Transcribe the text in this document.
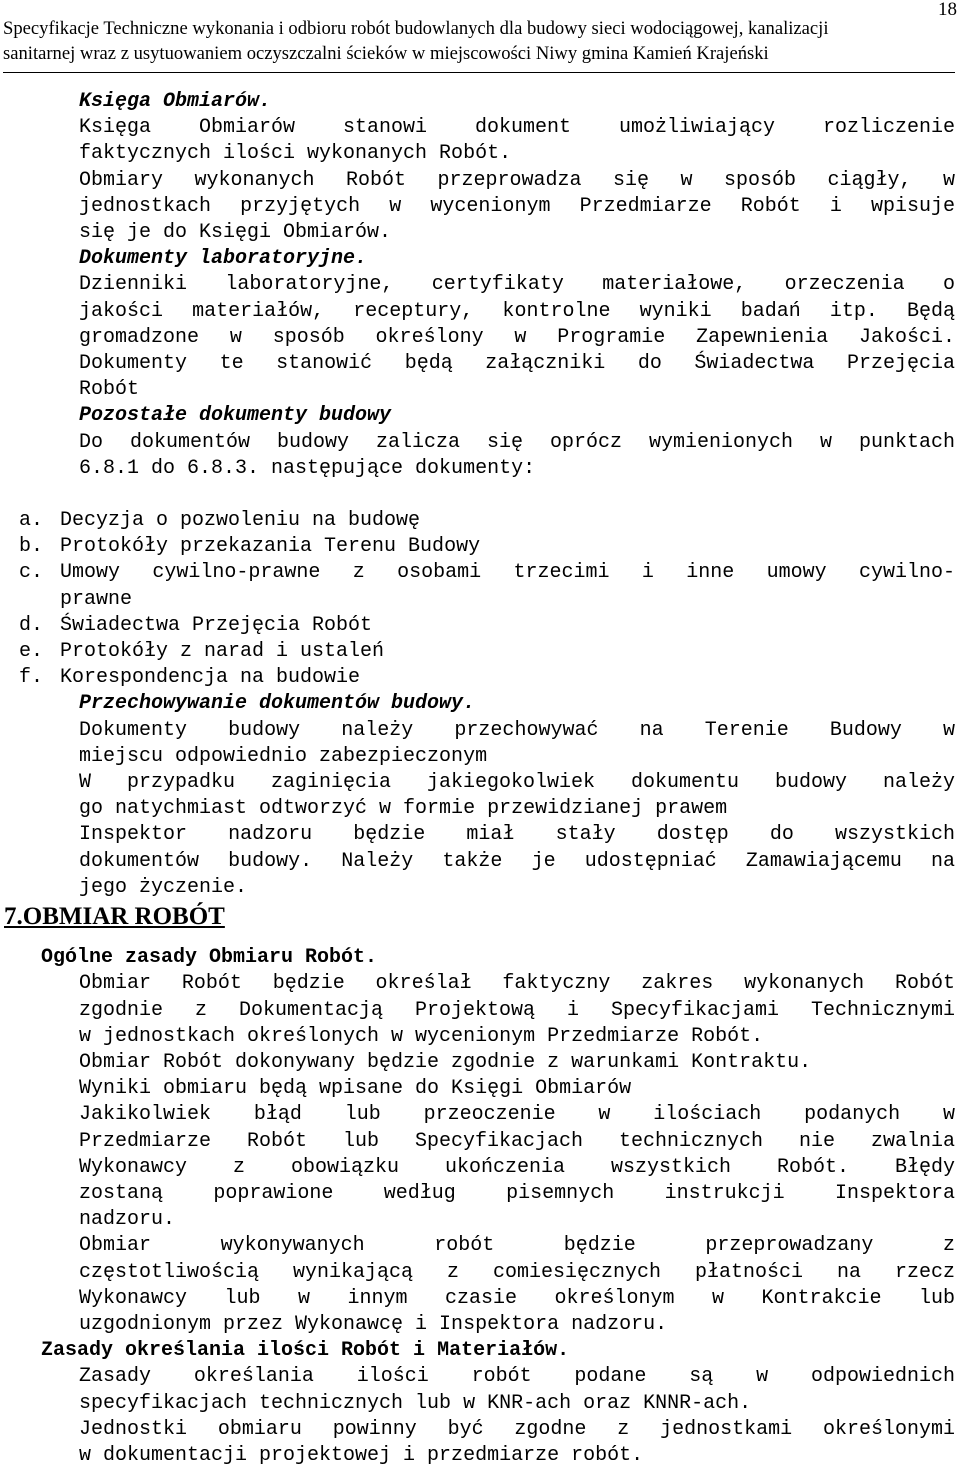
18
Specyfikacje Techniczne wykonania i odbioru robót budowlanych dla budowy sieci wodociągowej, kanalizacji
sanitarnej wraz z usytuowaniem oczyszczalni ścieków w miejscowości Niwy gmina Kamień Krajeński
Księga Obmiarów.
Księga Obmiarów stanowi dokument umożliwiający rozliczenie
faktycznych ilości wykonanych Robót.
Obmiary wykonanych Robót przeprowadza się w sposób ciągły, w
jednostkach przyjętych w wycenionym Przedmiarze Robót i wpisuje
się je do Księgi Obmiarów.
Dokumenty laboratoryjne.
Dzienniki laboratoryjne, certyfikaty materiałowe, orzeczenia o
jakości materiałów, receptury, kontrolne wyniki badań itp. Będą
gromadzone w sposób określony w Programie Zapewnienia Jakości.
Dokumenty te stanowić będą załączniki do Świadectwa Przejęcia
Robót
Pozostałe dokumenty budowy
Do dokumentów budowy zalicza się oprócz wymienionych w punktach
6.8.1 do 6.8.3. następujące dokumenty:
a. Decyzja o pozwoleniu na budowę
b. Protokóły przekazania Terenu Budowy
c. Umowy cywilno-prawne z osobami trzecimi i inne umowy cywilno-
prawne
d. Świadectwa Przejęcia Robót
e. Protokóły z narad i ustaleń
f. Korespondencja na budowie
Przechowywanie dokumentów budowy.
Dokumenty budowy należy przechowywać na Terenie Budowy w
miejscu odpowiednio zabezpieczonym
W przypadku zaginięcia jakiegokolwiek dokumentu budowy należy
go natychmiast odtworzyć w formie przewidzianej prawem
Inspektor nadzoru będzie miał stały dostęp do wszystkich
dokumentów budowy. Należy także je udostępniać Zamawiającemu na
jego życzenie.
7.OBMIAR ROBÓT
Ogólne zasady Obmiaru Robót.
Obmiar Robót będzie określał faktyczny zakres wykonanych Robót
zgodnie z Dokumentacją Projektową i Specyfikacjami Technicznymi
w jednostkach określonych w wycenionym Przedmiarze Robót.
Obmiar Robót dokonywany będzie zgodnie z warunkami Kontraktu.
Wyniki obmiaru będą wpisane do Księgi Obmiarów
Jakikolwiek błąd lub przeoczenie w ilościach podanych w
Przedmiarze Robót lub Specyfikacjach technicznych nie zwalnia
Wykonawcy z obowiązku ukończenia wszystkich Robót. Błędy
zostaną poprawione według pisemnych instrukcji Inspektora
nadzoru.
Obmiar wykonywanych robót będzie przeprowadzany z
częstotliwością wynikającą z comiesięcznych płatności na rzecz
Wykonawcy lub w innym czasie określonym w Kontrakcie lub
uzgodnionym przez Wykonawcę i Inspektora nadzoru.
Zasady określania ilości Robót i Materiałów.
Zasady określania ilości robót podane są w odpowiednich
specyfikacjach technicznych lub w KNR-ach oraz KNNR-ach.
Jednostki obmiaru powinny być zgodne z jednostkami określonymi
w dokumentacji projektowej i przedmiarze robót.
